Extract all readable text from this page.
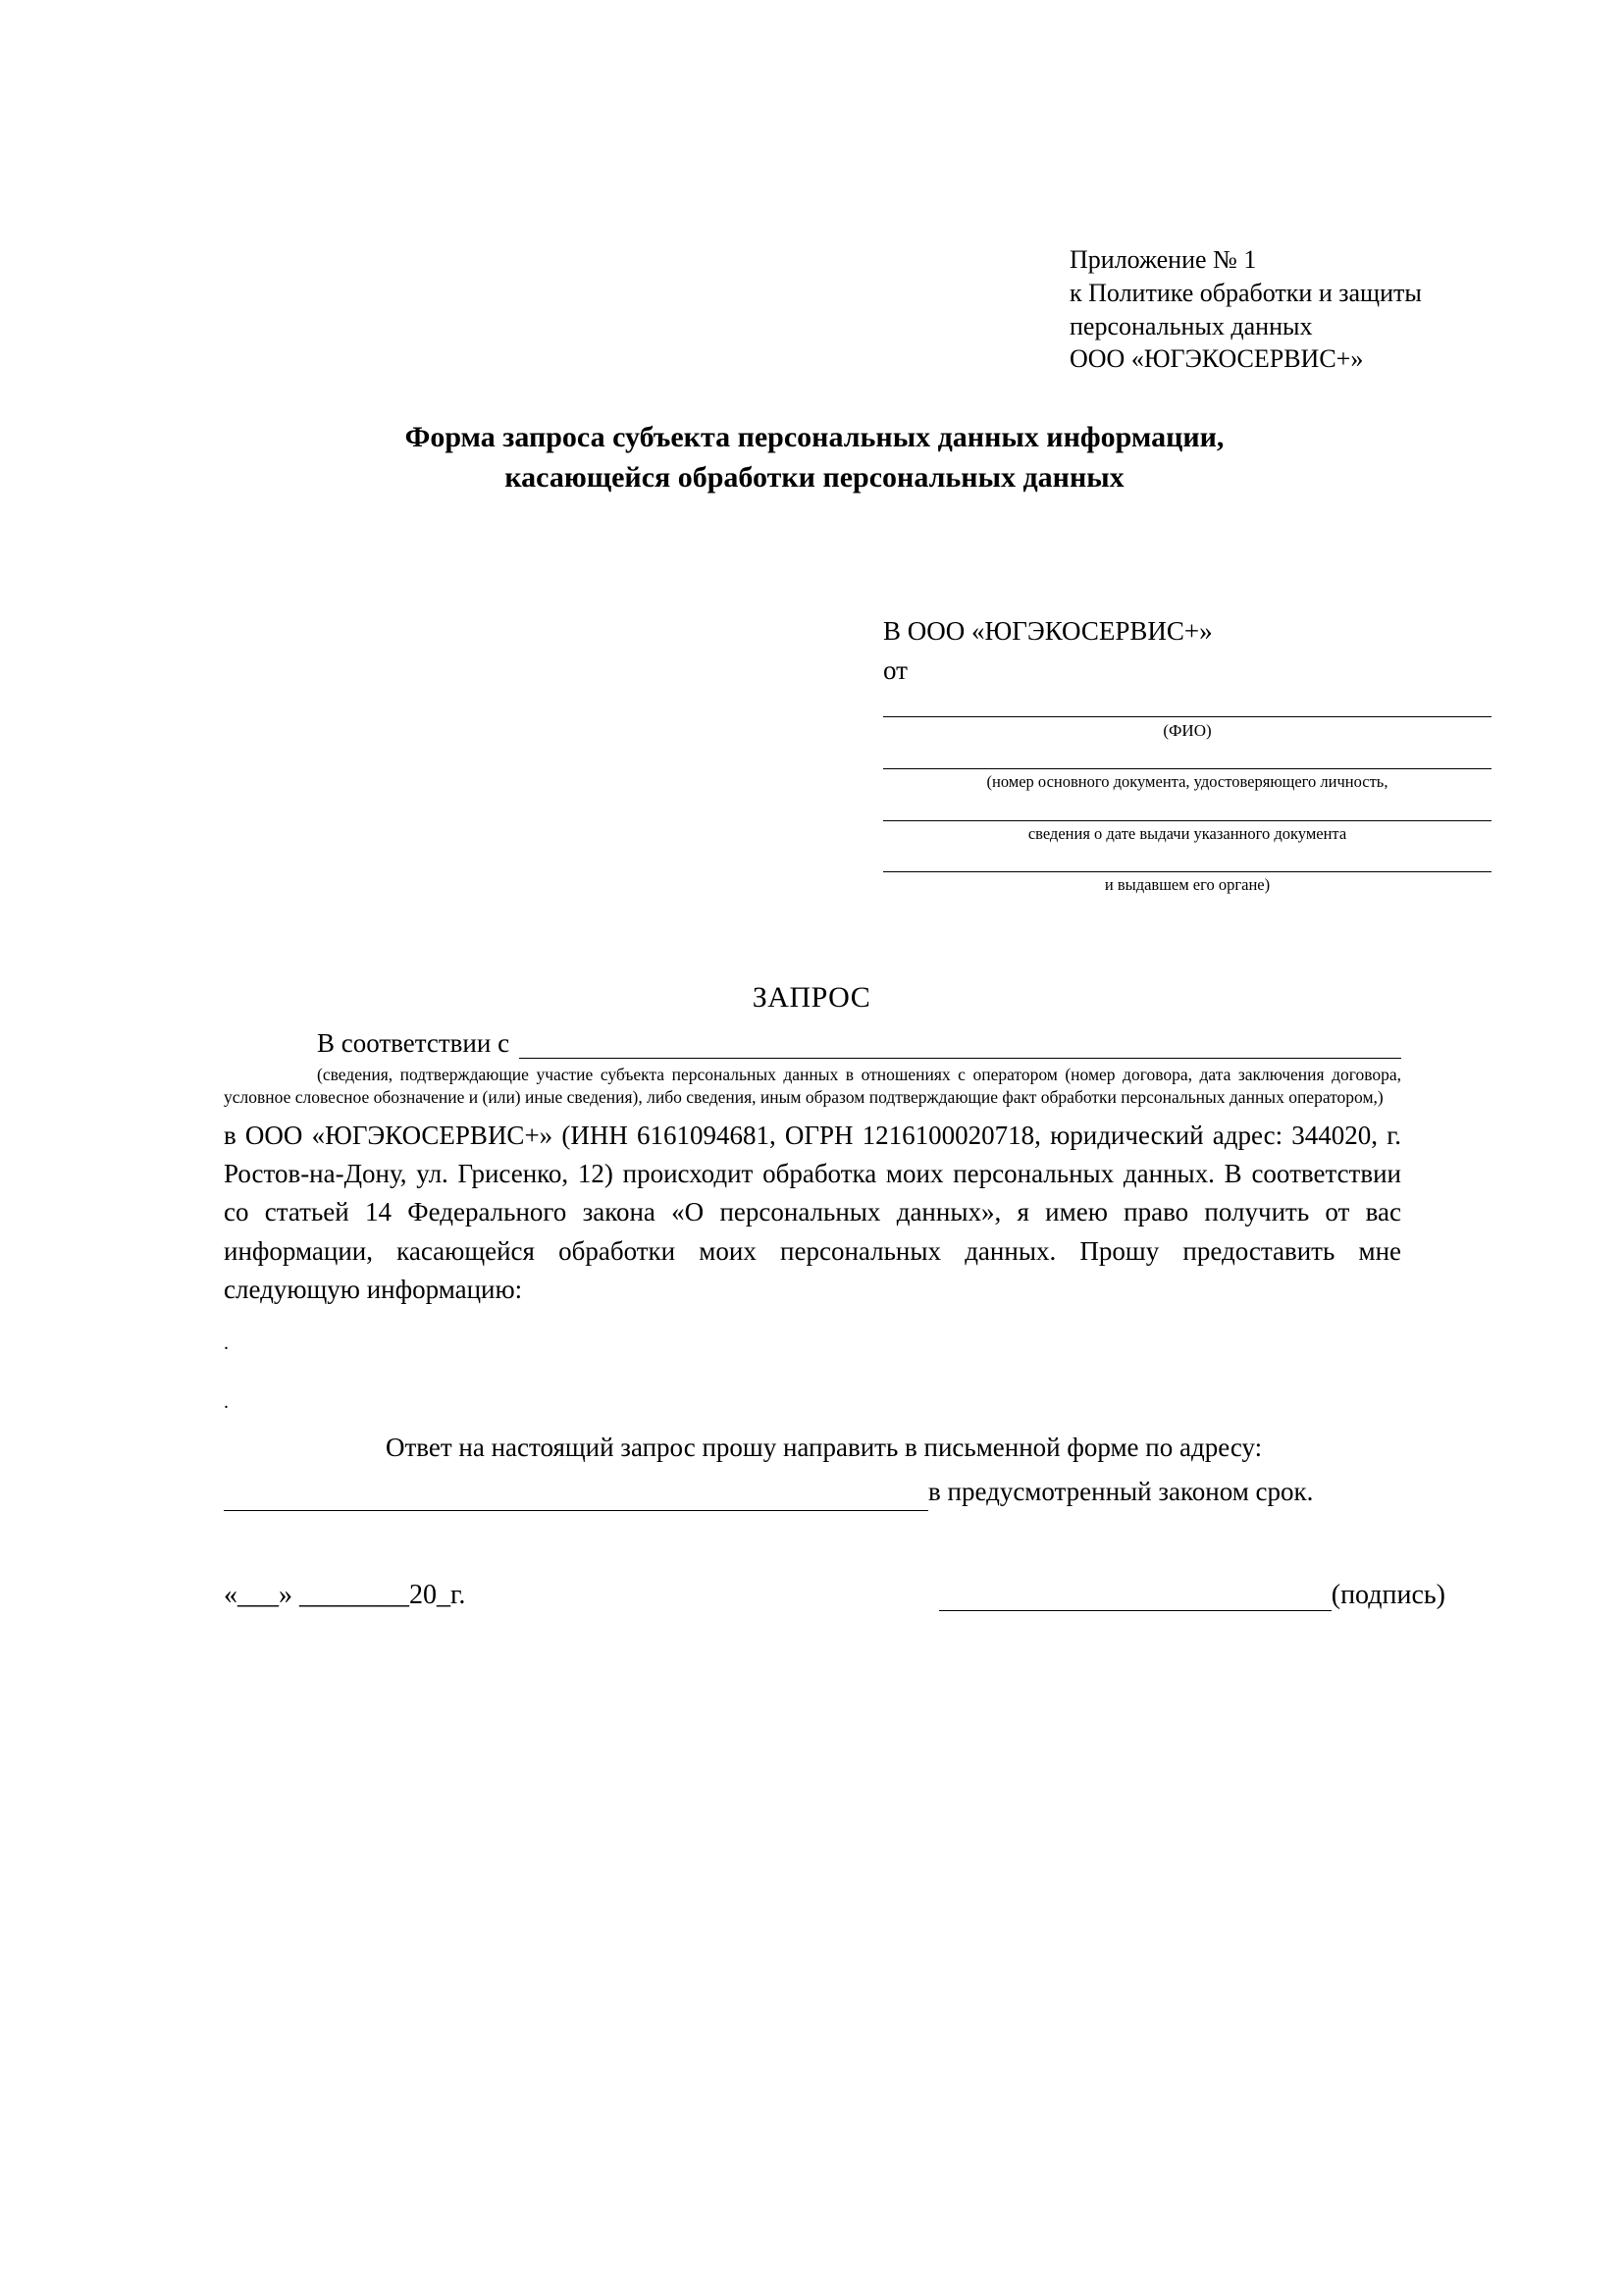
Приложение № 1
к Политике обработки и защиты
персональных данных
ООО «ЮГЭКОСЕРВИС+»
Форма запроса субъекта персональных данных информации,
касающейся обработки персональных данных
В ООО «ЮГЭКОСЕРВИС+»
от
(ФИО)
(номер основного документа, удостоверяющего личность,
сведения о дате выдачи указанного документа
и выдавшем его органе)
ЗАПРОС
В соответствии с
(сведения, подтверждающие участие субъекта персональных данных в отношениях с оператором (номер договора, дата заключения договора, условное словесное обозначение и (или) иные сведения), либо сведения, иным образом подтверждающие факт обработки персональных данных оператором,)
в ООО «ЮГЭКОСЕРВИС+» (ИНН 6161094681, ОГРН 1216100020718, юридический адрес: 344020, г. Ростов-на-Дону, ул. Грисенко, 12) происходит обработка моих персональных данных. В соответствии со статьей 14 Федерального закона «О персональных данных», я имею право получить от вас информации, касающейся обработки моих персональных данных. Прошу предоставить мне следующую информацию:
.
.
Ответ на настоящий запрос прошу направить в письменной форме по адресу:
в предусмотренный законом срок.
«___» ________20_г.	(подпись)
